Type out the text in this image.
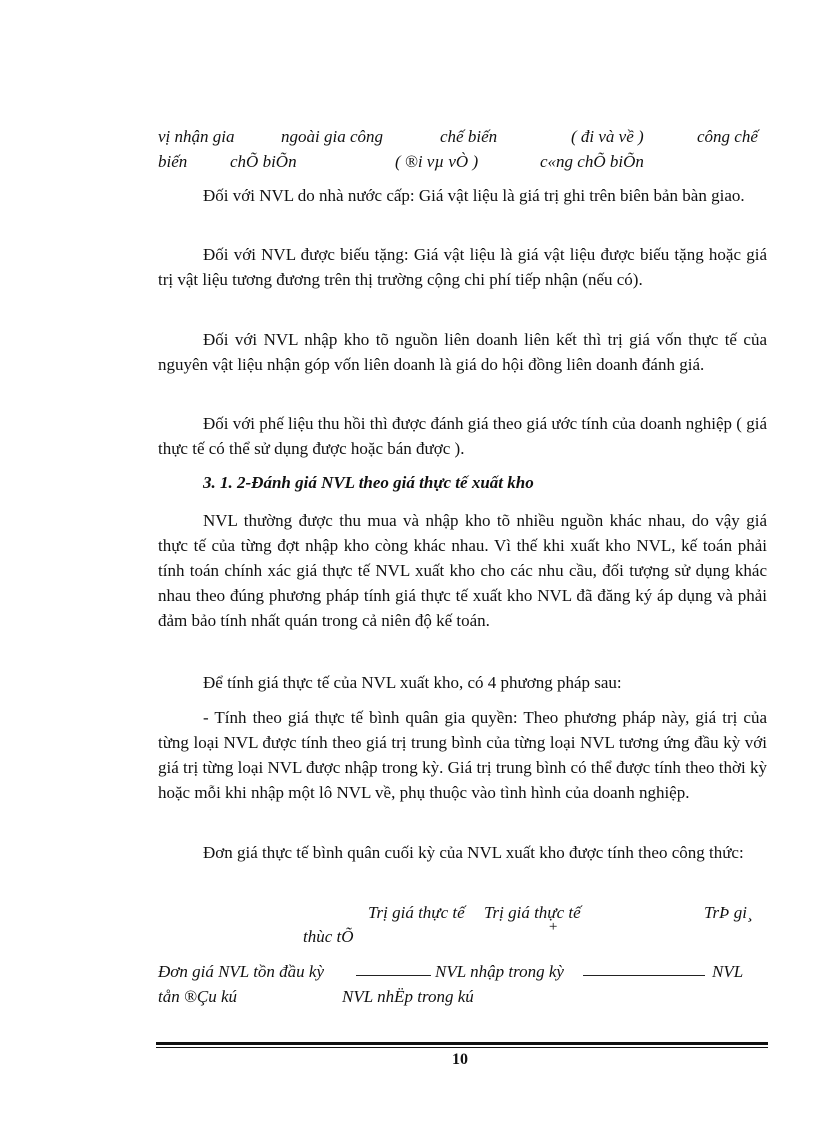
vị nhận gia	ngoài gia công	chế biến	( đi và về )	công chế
biến	chÕ biÕn	( ®i vµ vÒ )	c«ng chÕ biÕn

Đối với NVL do nhà nước cấp: Giá vật liệu là giá trị ghi trên biên bản bàn giao.

Đối với NVL được biếu tặng: Giá vật liệu là giá vật liệu được biếu tặng hoặc giá trị vật liệu tương đương trên thị trường cộng chi phí tiếp nhận (nếu có).

Đối với NVL nhập kho tõ nguồn liên doanh liên kết thì trị giá vốn thực tế của nguyên vật liệu nhận góp vốn liên doanh là giá do hội đồng liên doanh đánh giá.

Đối với phế liệu thu hồi thì được đánh giá theo giá ước tính của doanh nghiệp ( giá thực tế có thể sử dụng được hoặc bán được ).

3. 1. 2-Đánh giá NVL theo giá thực tế xuất kho

NVL thường được thu mua và nhập kho tõ nhiều nguồn khác nhau, do vậy giá thực tế của từng đợt nhập kho còng khác nhau. Vì thế khi xuất kho NVL, kế toán phải tính toán chính xác giá thực tế NVL xuất kho cho các nhu cầu, đối tượng sử dụng khác nhau theo đúng phương pháp tính giá thực tế xuất kho NVL đã đăng ký áp dụng và phải đảm bảo tính nhất quán trong cả niên độ kế toán.

Để tính giá thực tế của NVL xuất kho, có 4 phương pháp sau:

- Tính theo giá thực tế bình quân gia quyền: Theo phương pháp này, giá trị của từng loại NVL được tính theo giá trị trung bình của từng loại NVL tương ứng đầu kỳ với giá trị từng loại NVL được nhập trong kỳ. Giá trị trung bình có thể được tính theo thời kỳ hoặc mỗi khi nhập một lô NVL về, phụ thuộc vào tình hình của doanh nghiệp.

Đơn giá thực tế bình quân cuối kỳ của NVL xuất kho được tính theo công thức:

Trị giá thực tế Trị giá thực tế	TrÞ gi¸
+
thùc tÕ
Đơn giá NVL tồn đầu kỳ	NVL nhập trong kỳ	NVL
tån ®Çu kú	NVL nhËp trong kú
10
